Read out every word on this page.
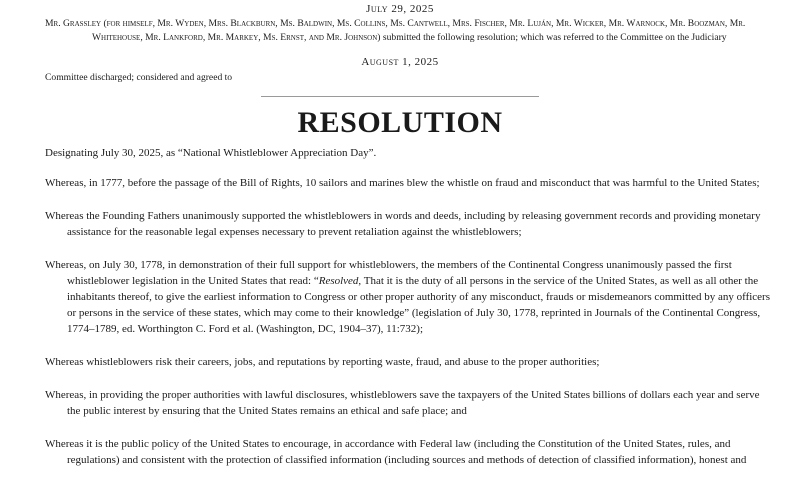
July 29, 2025
Mr. Grassley (for himself, Mr. Wyden, Mrs. Blackburn, Ms. Baldwin, Ms. Collins, Ms. Cantwell, Mrs. Fischer, Mr. Luján, Mr. Wicker, Mr. Warnock, Mr. Boozman, Mr.
Whitehouse, Mr. Lankford, Mr. Markey, Ms. Ernst, and Mr. Johnson) submitted the following resolution; which was referred to the Committee on the Judiciary
August 1, 2025
Committee discharged; considered and agreed to
RESOLUTION

Designating July 30, 2025, as “National Whistleblower Appreciation Day”.

Whereas, in 1777, before the passage of the Bill of Rights, 10 sailors and marines blew the whistle on fraud and misconduct that was harmful to the United States;

Whereas the Founding Fathers unanimously supported the whistleblowers in words and deeds, including by releasing government records and providing monetary assistance for the reasonable legal expenses necessary to prevent retaliation against the whistleblowers;

Whereas, on July 30, 1778, in demonstration of their full support for whistleblowers, the members of the Continental Congress unanimously passed the first whistleblower legislation in the United States that read: “Resolved, That it is the duty of all persons in the service of the United States, as well as all other the inhabitants thereof, to give the earliest information to Congress or other proper authority of any misconduct, frauds or misdemeanors committed by any officers or persons in the service of these states, which may come to their knowledge” (legislation of July 30, 1778, reprinted in Journals of the Continental Congress, 1774–1789, ed. Worthington C. Ford et al. (Washington, DC, 1904–37), 11:732);

Whereas whistleblowers risk their careers, jobs, and reputations by reporting waste, fraud, and abuse to the proper authorities;

Whereas, in providing the proper authorities with lawful disclosures, whistleblowers save the taxpayers of the United States billions of dollars each year and serve the public interest by ensuring that the United States remains an ethical and safe place; and

Whereas it is the public policy of the United States to encourage, in accordance with Federal law (including the Constitution of the United States, rules, and regulations) and consistent with the protection of classified information (including sources and methods of detection of classified information), honest and
